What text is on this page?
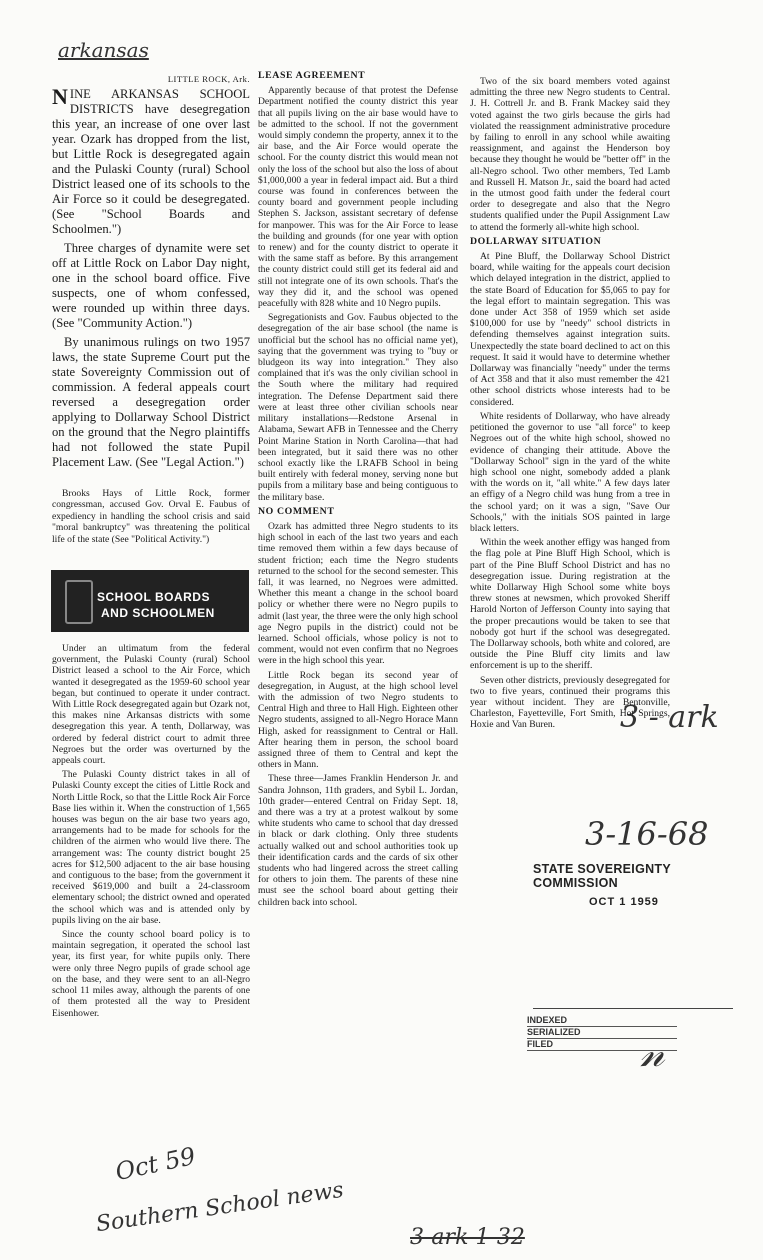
arkansas
3 - ark
3-16-68
Oct 59
Southern School news
3-ark-1-32
𝓃
LITTLE ROCK, Ark.

NINE ARKANSAS SCHOOL DISTRICTS have desegregation this year, an increase of one over last year. Ozark has dropped from the list, but Little Rock is desegregated again and the Pulaski County (rural) School District leased one of its schools to the Air Force so it could be desegregated. (See "School Boards and Schoolmen.")

Three charges of dynamite were set off at Little Rock on Labor Day night, one in the school board office. Five suspects, one of whom confessed, were rounded up within three days. (See "Community Action.")

By unanimous rulings on two 1957 laws, the state Supreme Court put the state Sovereignty Commission out of commission. A federal appeals court reversed a desegregation order applying to Dollarway School District on the ground that the Negro plaintiffs had not followed the state Pupil Placement Law. (See "Legal Action.")

Brooks Hays of Little Rock, former congressman, accused Gov. Orval E. Faubus of expediency in handling the school crisis and said "moral bankruptcy" was threatening the political life of the state (See "Political Activity.")

SCHOOL BOARDS
AND SCHOOLMEN

Under an ultimatum from the federal government, the Pulaski County (rural) School District leased a school to the Air Force, which wanted it desegregated as the 1959-60 school year began, but continued to operate it under contract. With Little Rock desegregated again but Ozark not, this makes nine Arkansas districts with some desegregation this year. A tenth, Dollarway, was ordered by federal district court to admit three Negroes but the order was overturned by the appeals court.

The Pulaski County district takes in all of Pulaski County except the cities of Little Rock and North Little Rock, so that the Little Rock Air Force Base lies within it. When the construction of 1,565 houses was begun on the air base two years ago, arrangements had to be made for schools for the children of the airmen who would live there. The arrangement was: The county district bought 25 acres for $12,500 adjacent to the air base housing and contiguous to the base; from the government it received $619,000 and built a 24-classroom elementary school; the district owned and operated the school which was and is attended only by pupils living on the air base.

Since the county school board policy is to maintain segregation, it operated the school last year, its first year, for white pupils only. There were only three Negro pupils of grade school age on the base, and they were sent to an all-Negro school 11 miles away, although the parents of one of them protested all the way to President Eisenhower.

LEASE AGREEMENT

Apparently because of that protest the Defense Department notified the county district this year that all pupils living on the air base would have to be admitted to the school. If not the government would simply condemn the property, annex it to the air base, and the Air Force would operate the school. For the county district this would mean not only the loss of the school but also the loss of about $1,000,000 a year in federal impact aid. But a third course was found in conferences between the county board and government people including Stephen S. Jackson, assistant secretary of defense for manpower. This was for the Air Force to lease the building and grounds (for one year with option to renew) and for the county district to operate it with the same staff as before. By this arrangement the county district could still get its federal aid and still not integrate one of its own schools. That's the way they did it, and the school was opened peacefully with 828 white and 10 Negro pupils.

Segregationists and Gov. Faubus objected to the desegregation of the air base school (the name is unofficial but the school has no official name yet), saying that the government was trying to "buy or bludgeon its way into integration." They also complained that it's was the only civilian school in the South where the military had required integration. The Defense Department said there were at least three other civilian schools near military installations—Redstone Arsenal in Alabama, Sewart AFB in Tennessee and the Cherry Point Marine Station in North Carolina—that had been integrated, but it said there was no other school exactly like the LRAFB School in being built entirely with federal money, serving none but pupils from a military base and being contiguous to the military base.

NO COMMENT

Ozark has admitted three Negro students to its high school in each of the last two years and each time removed them within a few days because of student friction; each time the Negro students returned to the school for the second semester. This fall, it was learned, no Negroes were admitted. Whether this meant a change in the school board policy or whether there were no Negro pupils to admit (last year, the three were the only high school age Negro pupils in the district) could not be learned. School officials, whose policy is not to comment, would not even confirm that no Negroes were in the high school this year.

Little Rock began its second year of desegregation, in August, at the high school level with the admission of two Negro students to Central High and three to Hall High. Eighteen other Negro students, assigned to all-Negro Horace Mann High, asked for reassignment to Central or Hall. After hearing them in person, the school board assigned three of them to Central and kept the others in Mann.

These three—James Franklin Henderson Jr. and Sandra Johnson, 11th graders, and Sybil L. Jordan, 10th grader—entered Central on Friday Sept. 18, and there was a try at a protest walkout by some white students who came to school that day dressed in black or dark clothing. Only three students actually walked out and school authorities took up their identification cards and the cards of six other students who had lingered across the street calling for others to join them. The parents of these nine must see the school board about getting their children back into school.

Two of the six board members voted against admitting the three new Negro students to Central. J. H. Cottrell Jr. and B. Frank Mackey said they voted against the two girls because the girls had violated the reassignment administrative procedure by failing to enroll in any school while awaiting reassignment, and against the Henderson boy because they thought he would be "better off" in the all-Negro school. Two other members, Ted Lamb and Russell H. Matson Jr., said the board had acted in the utmost good faith under the federal court order to desegregate and also that the Negro students qualified under the Pupil Assignment Law to attend the formerly all-white high school.

DOLLARWAY SITUATION

At Pine Bluff, the Dollarway School District board, while waiting for the appeals court decision which delayed integration in the district, applied to the state Board of Education for $5,065 to pay for the legal effort to maintain segregation. This was done under Act 358 of 1959 which set aside $100,000 for use by "needy" school districts in defending themselves against integration suits. Unexpectedly the state board declined to act on this request. It said it would have to determine whether Dollarway was financially "needy" under the terms of Act 358 and that it also must remember the 421 other school districts whose interests had to be considered.

White residents of Dollarway, who have already petitioned the governor to use "all force" to keep Negroes out of the white high school, showed no evidence of changing their attitude. Above the "Dollarway School" sign in the yard of the white high school one night, somebody added a plank with the words on it, "all white." A few days later an effigy of a Negro child was hung from a tree in the school yard; on it was a sign, "Save Our Schools," with the initials SOS painted in large black letters.

Within the week another effigy was hanged from the flag pole at Pine Bluff High School, which is part of the Pine Bluff School District and has no desegregation issue. During registration at the white Dollarway High School some white boys threw stones at newsmen, which provoked Sheriff Harold Norton of Jefferson County into saying that the proper precautions would be taken to see that nobody got hurt if the school was desegregated. The Dollarway schools, both white and colored, are outside the Pine Bluff city limits and law enforcement is up to the sheriff.

Seven other districts, previously desegregated for two to five years, continued their programs this year without incident. They are Bentonville, Charleston, Fayetteville, Fort Smith, Hot Springs, Hoxie and Van Buren.

STATE SOVEREIGNTY COMMISSION
OCT 1 1959
INDEXED
SERIALIZED
FILED
